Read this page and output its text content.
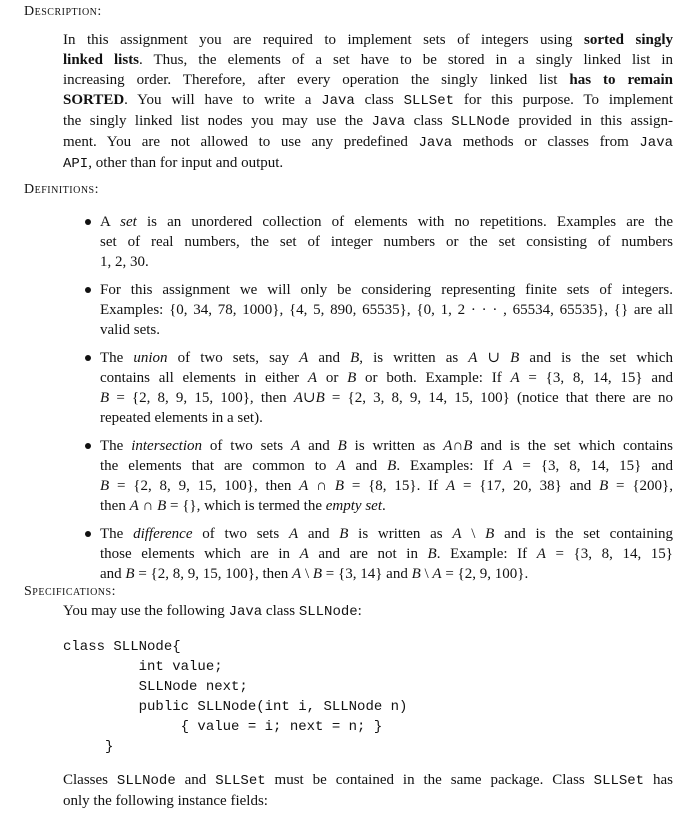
Description:
In this assignment you are required to implement sets of integers using sorted singly
linked lists. Thus, the elements of a set have to be stored in a singly linked list in
increasing order. Therefore, after every operation the singly linked list has to remain
SORTED. You will have to write a Java class SLLSet for this purpose. To implement
the singly linked list nodes you may use the Java class SLLNode provided in this assign-
ment. You are not allowed to use any predefined Java methods or classes from Java
API, other than for input and output.
Definitions:
A set is an unordered collection of elements with no repetitions. Examples are the
set of real numbers, the set of integer numbers or the set consisting of numbers
1, 2, 30.
For this assignment we will only be considering representing finite sets of integers.
Examples: {0, 34, 78, 1000}, {4, 5, 890, 65535}, {0, 1, 2 · · · , 65534, 65535}, {} are all
valid sets.
The union of two sets, say A and B, is written as A ∪ B and is the set which
contains all elements in either A or B or both. Example: If A = {3, 8, 14, 15} and
B = {2, 8, 9, 15, 100}, then A∪B = {2, 3, 8, 9, 14, 15, 100} (notice that there are no
repeated elements in a set).
The intersection of two sets A and B is written as A∩B and is the set which contains
the elements that are common to A and B. Examples: If A = {3, 8, 14, 15} and
B = {2, 8, 9, 15, 100}, then A ∩ B = {8, 15}. If A = {17, 20, 38} and B = {200},
then A ∩ B = {}, which is termed the empty set.
The difference of two sets A and B is written as A \ B and is the set containing
those elements which are in A and are not in B. Example: If A = {3, 8, 14, 15}
and B = {2, 8, 9, 15, 100}, then A \ B = {3, 14} and B \ A = {2, 9, 100}.
Specifications:
You may use the following Java class SLLNode:
class SLLNode{
int value;
SLLNode next;
public SLLNode(int i, SLLNode n)
{ value = i; next = n; }
}
Classes SLLNode and SLLSet must be contained in the same package. Class SLLSet has
only the following instance fields:
